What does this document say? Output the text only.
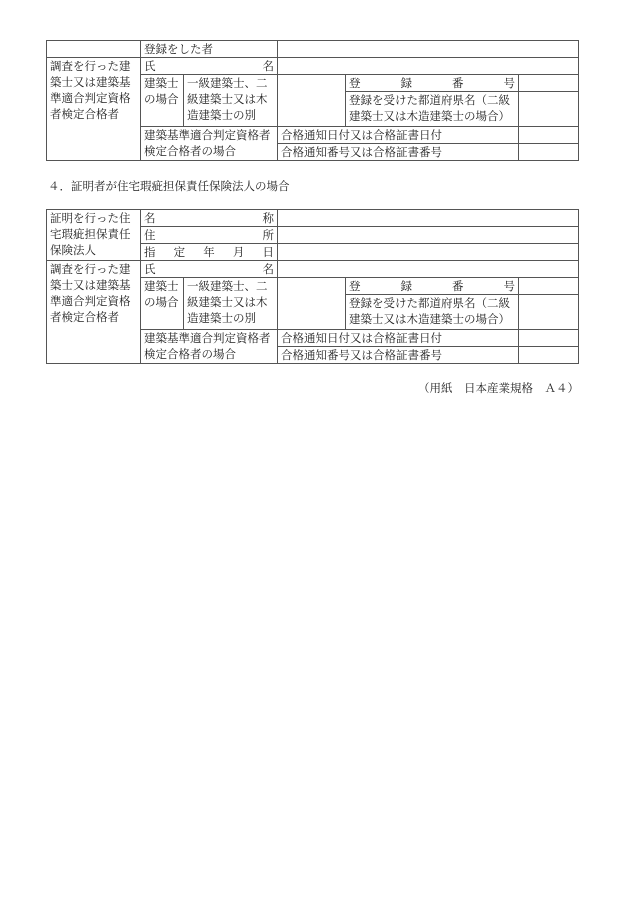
	登録をした者				
調査を行った建築士又は建築基準適合判定資格者検定合格者	氏 名				

	建築士の場合	一級建築士、二級建築士又は木造建築士の別		登 録 番 号	

				登録を受けた都道府県名（二級建築士又は木造建築士の場合）	
	建築基準適合判定資格者検定合格者の場合		合格通知日付又は合格証書日付		
			合格通知番号又は合格証書番号		
４．証明者が住宅瑕疵担保責任保険法人の場合
証明を行った住宅瑕疵担保責任保険法人	名 称				

	住 所				

	指 定 年 月 日				

調査を行った建築士又は建築基準適合判定資格者検定合格者	氏 名				

	建築士の場合	一級建築士、二級建築士又は木造建築士の別		登 録 番 号	

				登録を受けた都道府県名（二級建築士又は木造建築士の場合）	
	建築基準適合判定資格者検定合格者の場合		合格通知日付又は合格証書日付		
			合格通知番号又は合格証書番号		
（用紙　日本産業規格　Ａ４）
